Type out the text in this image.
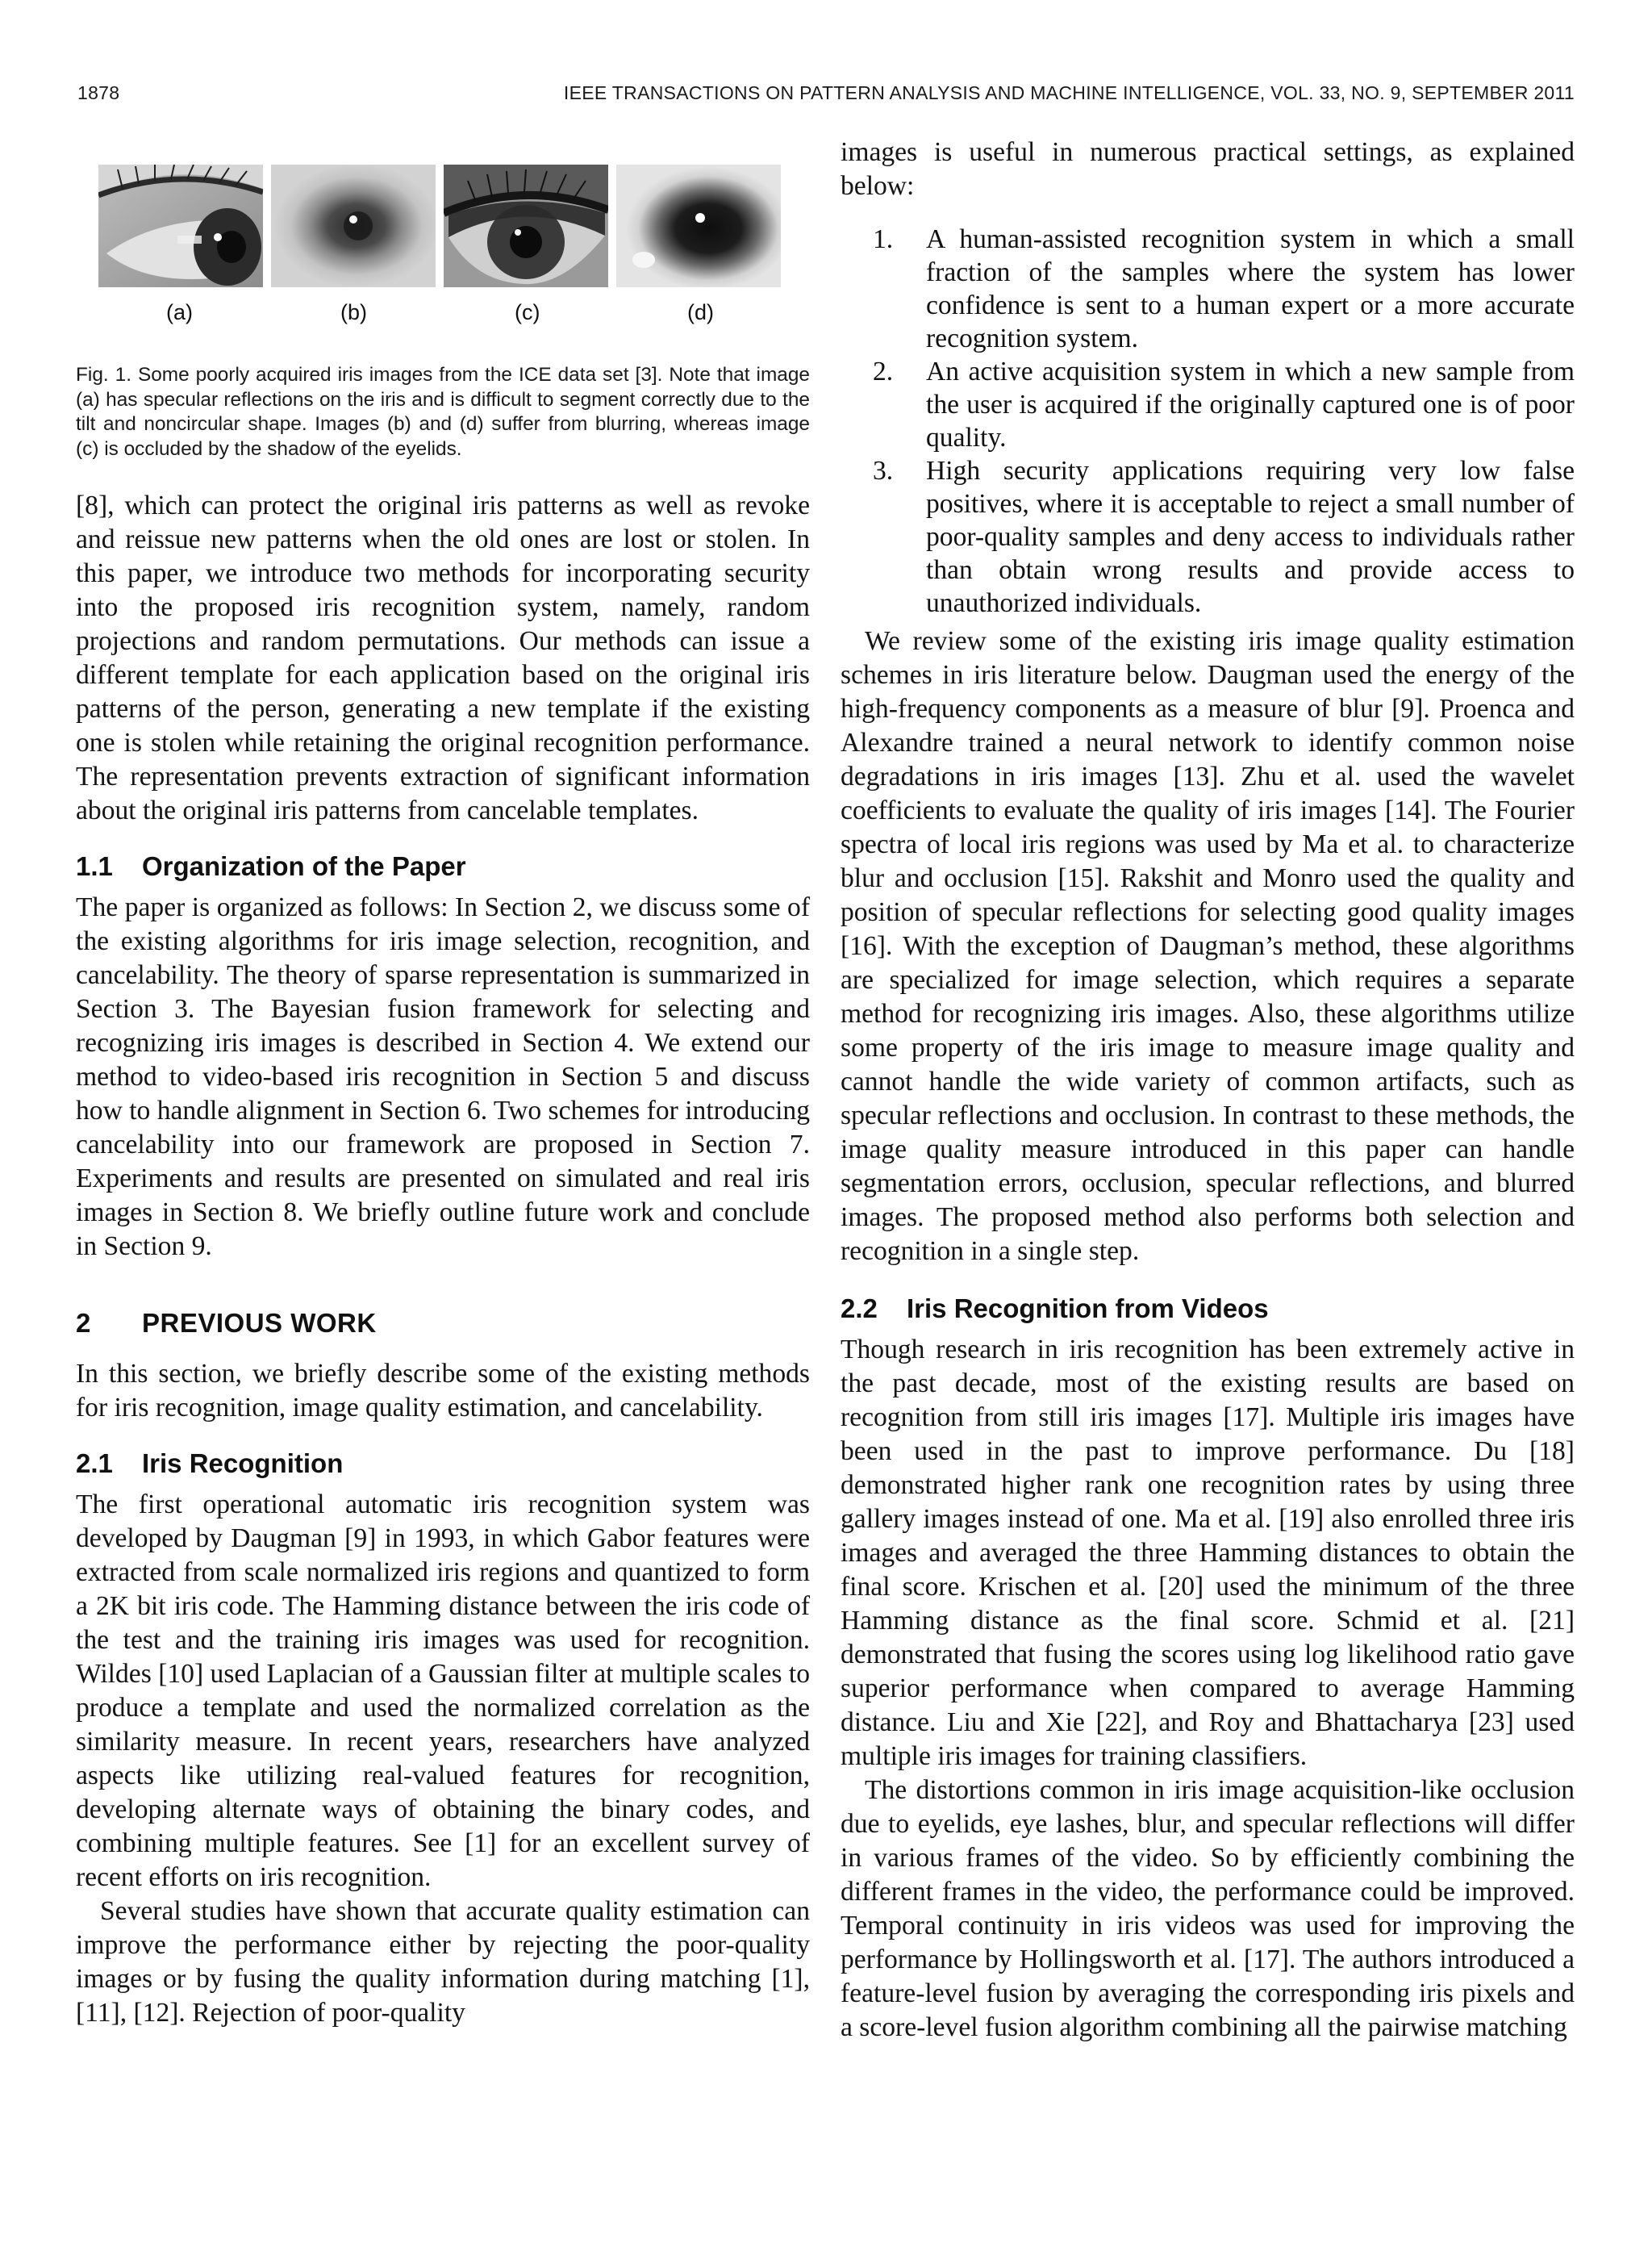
1878	IEEE TRANSACTIONS ON PATTERN ANALYSIS AND MACHINE INTELLIGENCE, VOL. 33, NO. 9, SEPTEMBER 2011
(a)	(b)	(c)	(d)
Fig. 1. Some poorly acquired iris images from the ICE data set [3]. Note that image (a) has specular reflections on the iris and is difficult to segment correctly due to the tilt and noncircular shape. Images (b) and (d) suffer from blurring, whereas image (c) is occluded by the shadow of the eyelids.

[8], which can protect the original iris patterns as well as revoke and reissue new patterns when the old ones are lost or stolen. In this paper, we introduce two methods for incorporating security into the proposed iris recognition system, namely, random projections and random permutations. Our methods can issue a different template for each application based on the original iris patterns of the person, generating a new template if the existing one is stolen while retaining the original recognition performance. The representation prevents extraction of significant information about the original iris patterns from cancelable templates.

1.1 Organization of the Paper

The paper is organized as follows: In Section 2, we discuss some of the existing algorithms for iris image selection, recognition, and cancelability. The theory of sparse representation is summarized in Section 3. The Bayesian fusion framework for selecting and recognizing iris images is described in Section 4. We extend our method to video-based iris recognition in Section 5 and discuss how to handle alignment in Section 6. Two schemes for introducing cancelability into our framework are proposed in Section 7. Experiments and results are presented on simulated and real iris images in Section 8. We briefly outline future work and conclude in Section 9.

2 PREVIOUS WORK

In this section, we briefly describe some of the existing methods for iris recognition, image quality estimation, and cancelability.

2.1 Iris Recognition

The first operational automatic iris recognition system was developed by Daugman [9] in 1993, in which Gabor features were extracted from scale normalized iris regions and quantized to form a 2K bit iris code. The Hamming distance between the iris code of the test and the training iris images was used for recognition. Wildes [10] used Laplacian of a Gaussian filter at multiple scales to produce a template and used the normalized correlation as the similarity measure. In recent years, researchers have analyzed aspects like utilizing real-valued features for recognition, developing alternate ways of obtaining the binary codes, and combining multiple features. See [1] for an excellent survey of recent efforts on iris recognition.

Several studies have shown that accurate quality estimation can improve the performance either by rejecting the poor-quality images or by fusing the quality information during matching [1], [11], [12]. Rejection of poor-quality

images is useful in numerous practical settings, as explained below:

1. A human-assisted recognition system in which a small fraction of the samples where the system has lower confidence is sent to a human expert or a more accurate recognition system.
2. An active acquisition system in which a new sample from the user is acquired if the originally captured one is of poor quality.
3. High security applications requiring very low false positives, where it is acceptable to reject a small number of poor-quality samples and deny access to individuals rather than obtain wrong results and provide access to unauthorized individuals.

We review some of the existing iris image quality estimation schemes in iris literature below. Daugman used the energy of the high-frequency components as a measure of blur [9]. Proenca and Alexandre trained a neural network to identify common noise degradations in iris images [13]. Zhu et al. used the wavelet coefficients to evaluate the quality of iris images [14]. The Fourier spectra of local iris regions was used by Ma et al. to characterize blur and occlusion [15]. Rakshit and Monro used the quality and position of specular reflections for selecting good quality images [16]. With the exception of Daugman’s method, these algorithms are specialized for image selection, which requires a separate method for recognizing iris images. Also, these algorithms utilize some property of the iris image to measure image quality and cannot handle the wide variety of common artifacts, such as specular reflections and occlusion. In contrast to these methods, the image quality measure introduced in this paper can handle segmentation errors, occlusion, specular reflections, and blurred images. The proposed method also performs both selection and recognition in a single step.

2.2 Iris Recognition from Videos

Though research in iris recognition has been extremely active in the past decade, most of the existing results are based on recognition from still iris images [17]. Multiple iris images have been used in the past to improve performance. Du [18] demonstrated higher rank one recognition rates by using three gallery images instead of one. Ma et al. [19] also enrolled three iris images and averaged the three Hamming distances to obtain the final score. Krischen et al. [20] used the minimum of the three Hamming distance as the final score. Schmid et al. [21] demonstrated that fusing the scores using log likelihood ratio gave superior performance when compared to average Hamming distance. Liu and Xie [22], and Roy and Bhattacharya [23] used multiple iris images for training classifiers.

The distortions common in iris image acquisition-like occlusion due to eyelids, eye lashes, blur, and specular reflections will differ in various frames of the video. So by efficiently combining the different frames in the video, the performance could be improved. Temporal continuity in iris videos was used for improving the performance by Hollingsworth et al. [17]. The authors introduced a feature-level fusion by averaging the corresponding iris pixels and a score-level fusion algorithm combining all the pairwise matching
